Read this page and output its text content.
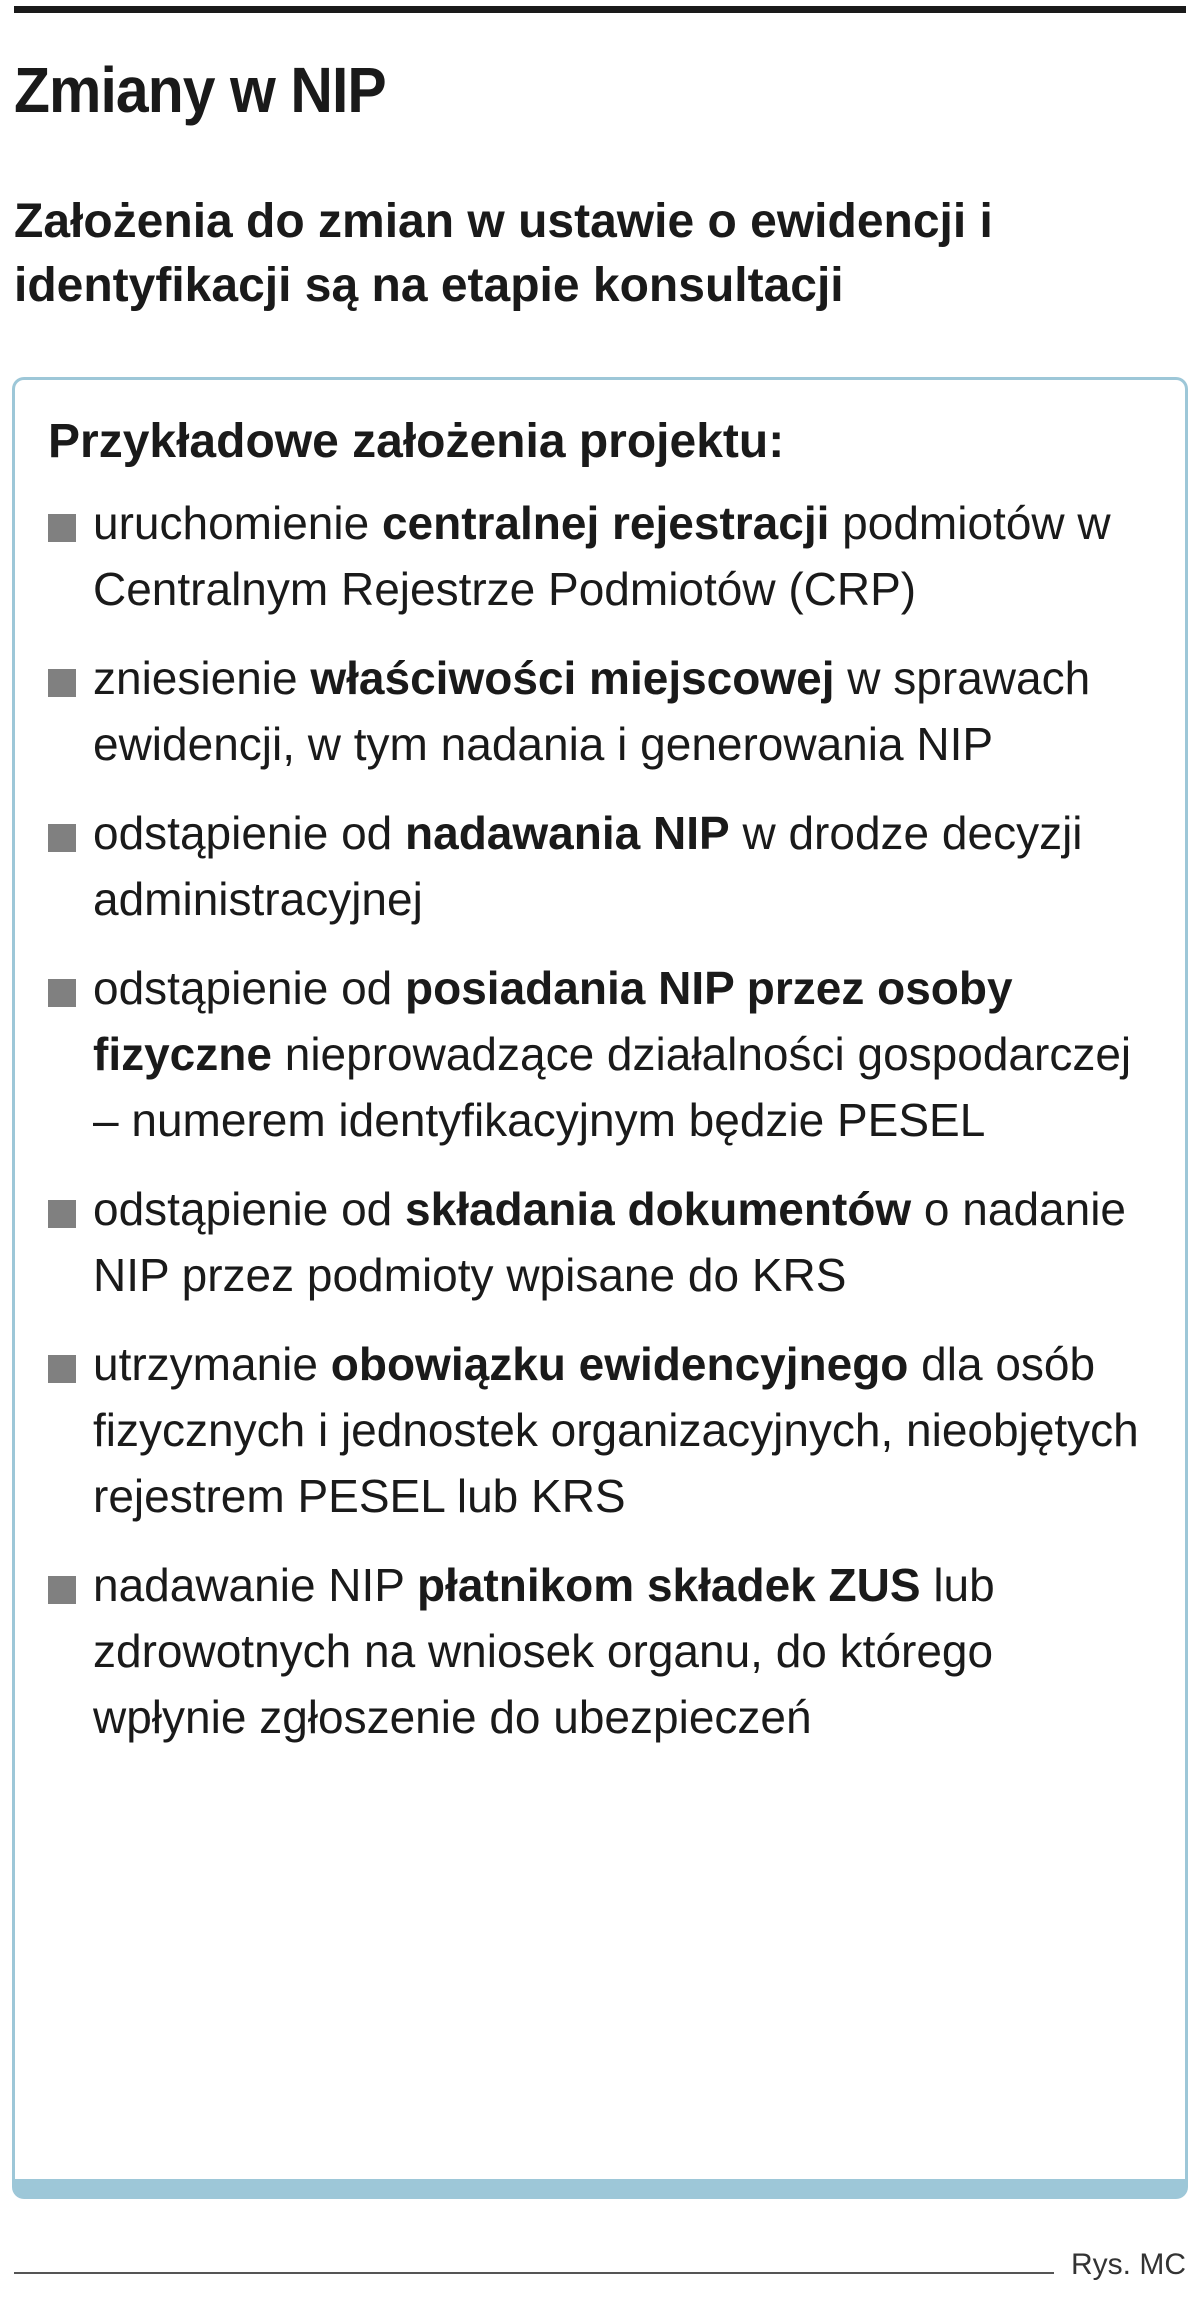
Zmiany w NIP
Założenia do zmian w ustawie o ewidencji i identyfikacji są na etapie konsultacji
Przykładowe założenia projektu:
uruchomienie centralnej rejestracji podmiotów w Centralnym Rejestrze Podmiotów (CRP)
zniesienie właściwości miejscowej w sprawach ewidencji, w tym nadania i generowania NIP
odstąpienie od nadawania NIP w drodze decyzji administracyjnej
odstąpienie od posiadania NIP przez osoby fizyczne nieprowadzące działalności gospodarczej – numerem identyfikacyjnym będzie PESEL
odstąpienie od składania dokumentów o nadanie NIP przez podmioty wpisane do KRS
utrzymanie obowiązku ewidencyjnego dla osób fizycznych i jednostek organizacyjnych, nieobjętych rejestrem PESEL lub KRS
nadawanie NIP płatnikom składek ZUS lub zdrowotnych na wniosek organu, do którego wpłynie zgłoszenie do ubezpieczeń
Rys. MC
